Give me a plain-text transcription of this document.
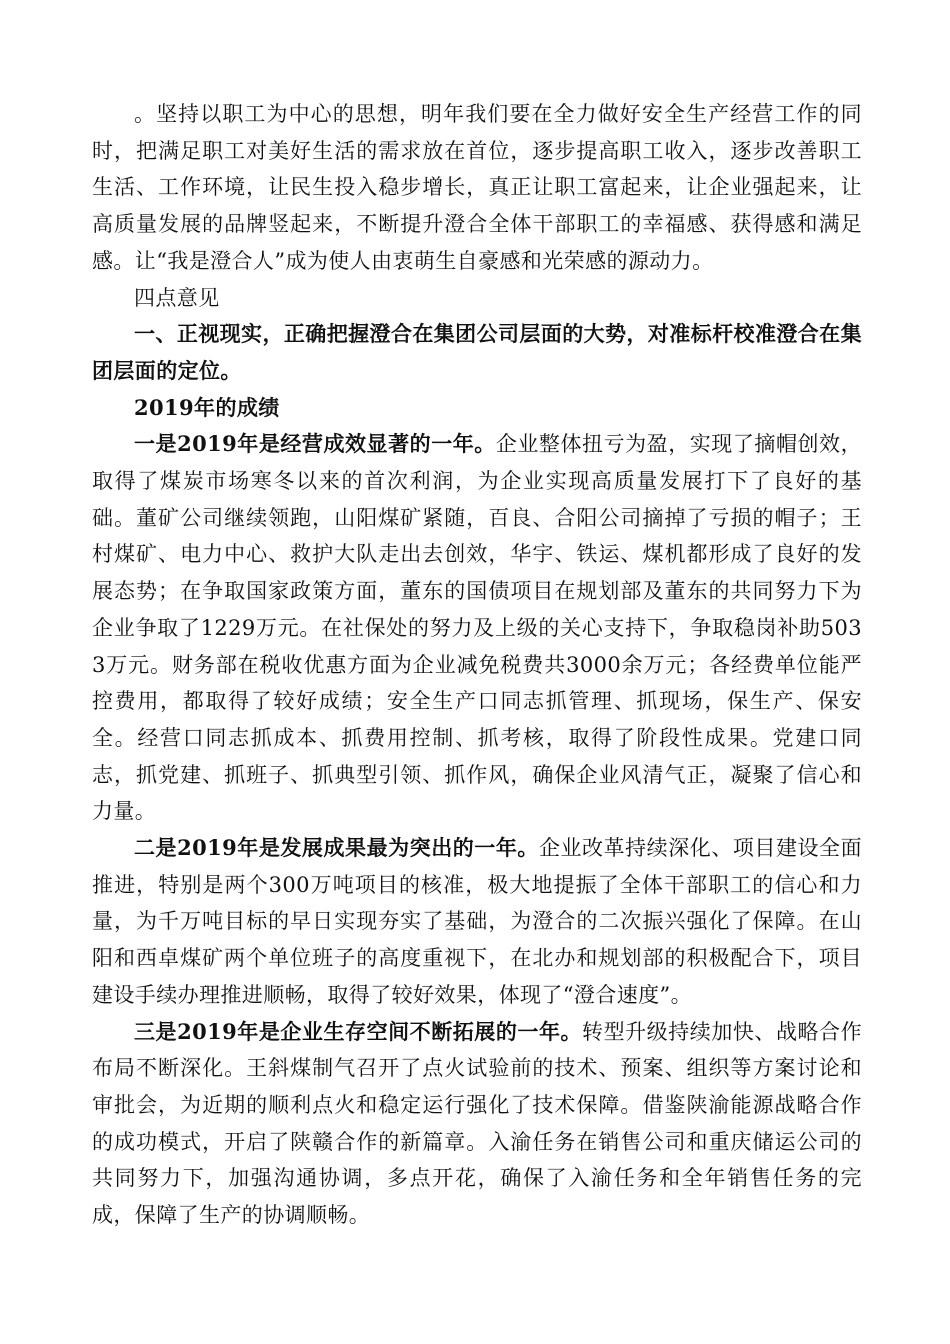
。坚持以职工为中心的思想，明年我们要在全力做好安全生产经营工作的同时，把满足职工对美好生活的需求放在首位，逐步提高职工收入，逐步改善职工生活、工作环境，让民生投入稳步增长，真正让职工富起来，让企业强起来，让高质量发展的品牌竖起来，不断提升澄合全体干部职工的幸福感、获得感和满足感。让“我是澄合人”成为使人由衷萌生自豪感和光荣感的源动力。

四点意见

一、正视现实，正确把握澄合在集团公司层面的大势，对准标杆校准澄合在集团层面的定位。

2019年的成绩

一是2019年是经营成效显著的一年。企业整体扭亏为盈，实现了摘帽创效，取得了煤炭市场寒冬以来的首次利润，为企业实现高质量发展打下了良好的基础。董矿公司继续领跑，山阳煤矿紧随，百良、合阳公司摘掉了亏损的帽子；王村煤矿、电力中心、救护大队走出去创效，华宇、铁运、煤机都形成了良好的发展态势；在争取国家政策方面，董东的国债项目在规划部及董东的共同努力下为企业争取了1229万元。在社保处的努力及上级的关心支持下，争取稳岗补助5033万元。财务部在税收优惠方面为企业减免税费共3000余万元；各经费单位能严控费用，都取得了较好成绩；安全生产口同志抓管理、抓现场，保生产、保安全。经营口同志抓成本、抓费用控制、抓考核，取得了阶段性成果。党建口同志，抓党建、抓班子、抓典型引领、抓作风，确保企业风清气正，凝聚了信心和力量。

二是2019年是发展成果最为突出的一年。企业改革持续深化、项目建设全面推进，特别是两个300万吨项目的核准，极大地提振了全体干部职工的信心和力量，为千万吨目标的早日实现夯实了基础，为澄合的二次振兴强化了保障。在山阳和西卓煤矿两个单位班子的高度重视下，在北办和规划部的积极配合下，项目建设手续办理推进顺畅，取得了较好效果，体现了“澄合速度”。

三是2019年是企业生存空间不断拓展的一年。转型升级持续加快、战略合作布局不断深化。王斜煤制气召开了点火试验前的技术、预案、组织等方案讨论和审批会，为近期的顺利点火和稳定运行强化了技术保障。借鉴陕渝能源战略合作的成功模式，开启了陕赣合作的新篇章。入渝任务在销售公司和重庆储运公司的共同努力下，加强沟通协调，多点开花，确保了入渝任务和全年销售任务的完成，保障了生产的协调顺畅。
